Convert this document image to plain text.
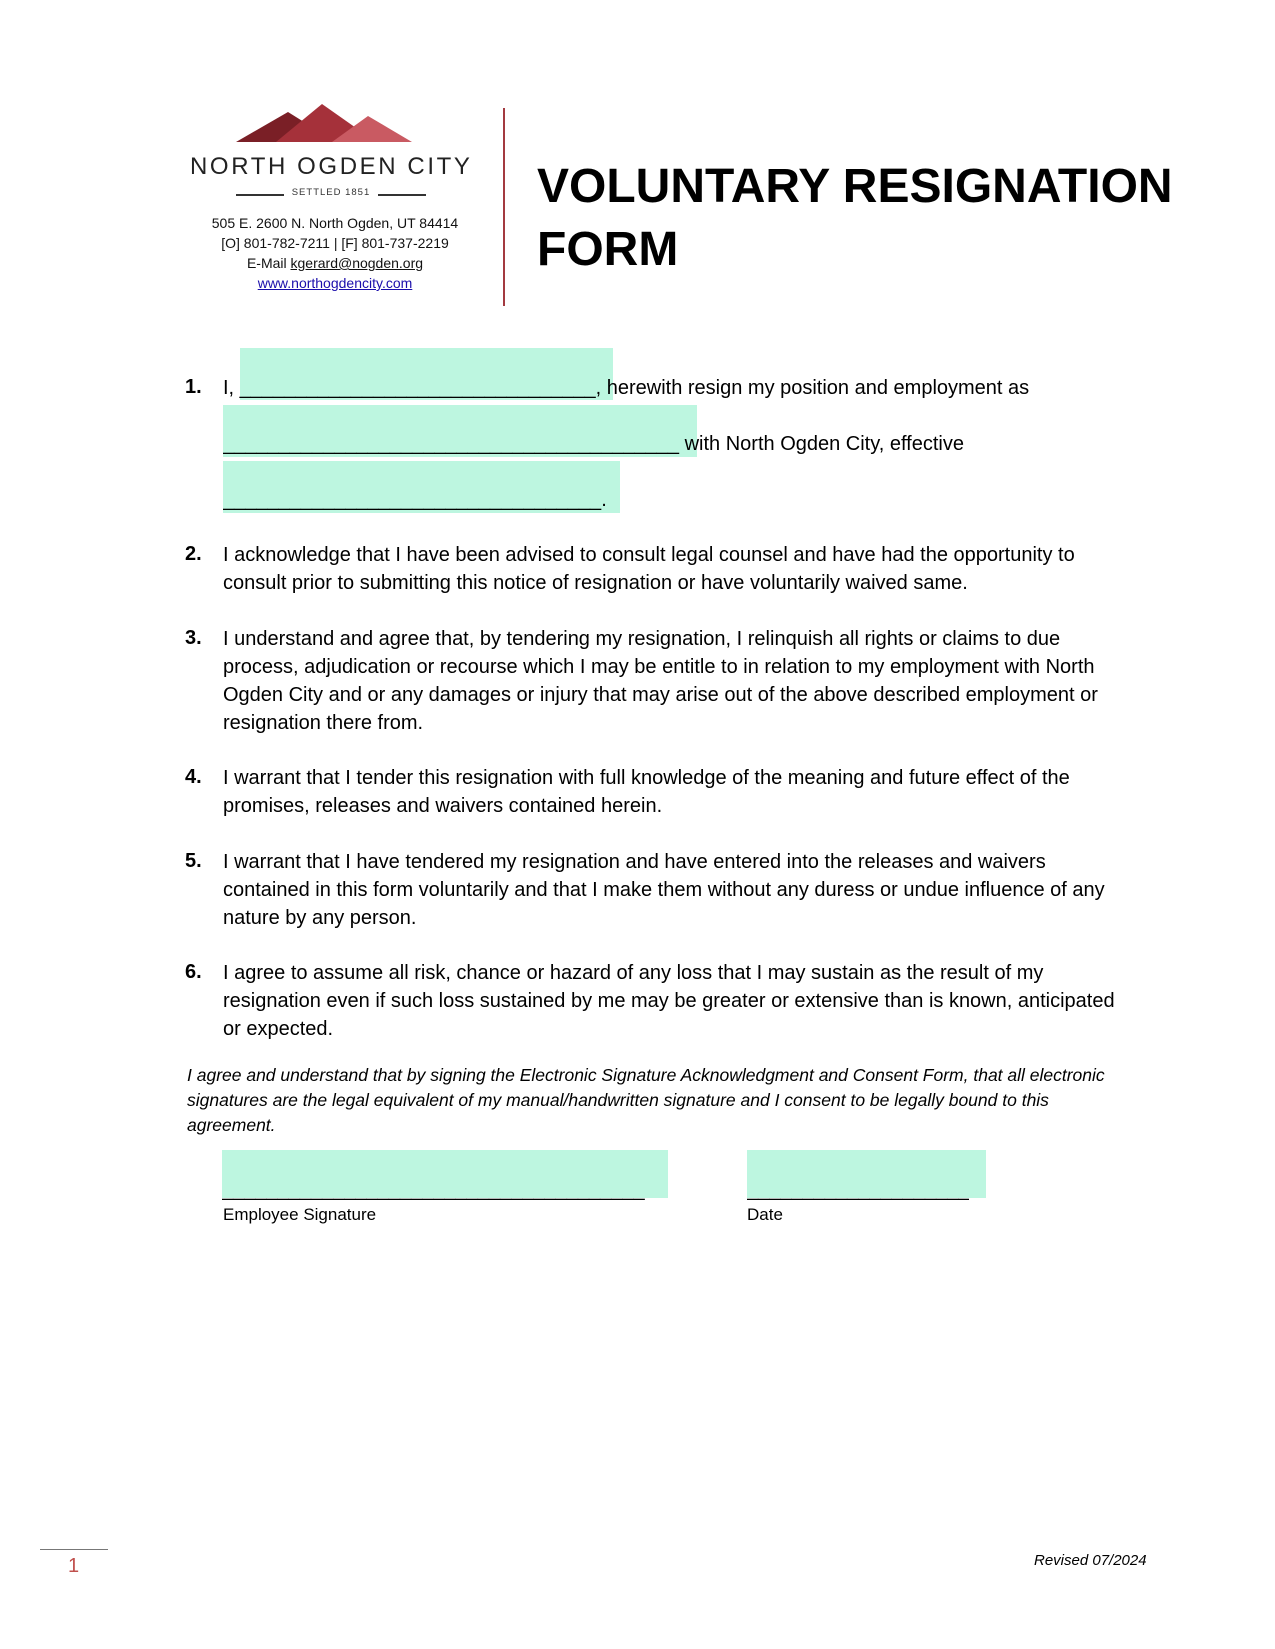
NORTH OGDEN CITY
SETTLED 1851
505 E. 2600 N. North Ogden, UT 84414
[O] 801-782-7211 | [F] 801-737-2219
E-Mail kgerard@nogden.org
www.northogdencity.com
VOLUNTARY RESIGNATION
FORM
1. I, ________________________________, herewith resign my position and employment as
_________________________________________ with North Ogden City, effective
__________________________________.
2. I acknowledge that I have been advised to consult legal counsel and have had the opportunity to consult prior to submitting this notice of resignation or have voluntarily waived same.
3. I understand and agree that, by tendering my resignation, I relinquish all rights or claims to due process, adjudication or recourse which I may be entitle to in relation to my employment with North Ogden City and or any damages or injury that may arise out of the above described employment or resignation there from.
4. I warrant that I tender this resignation with full knowledge of the meaning and future effect of the promises, releases and waivers contained herein.
5. I warrant that I have tendered my resignation and have entered into the releases and waivers contained in this form voluntarily and that I make them without any duress or undue influence of any nature by any person.
6. I agree to assume all risk, chance or hazard of any loss that I may sustain as the result of my resignation even if such loss sustained by me may be greater or extensive than is known, anticipated or expected.
I agree and understand that by signing the Electronic Signature Acknowledgment and Consent Form, that all electronic signatures are the legal equivalent of my manual/handwritten signature and I consent to be legally bound to this agreement.
______________________________________	____________________
Employee Signature	Date
1	Revised 07/2024
